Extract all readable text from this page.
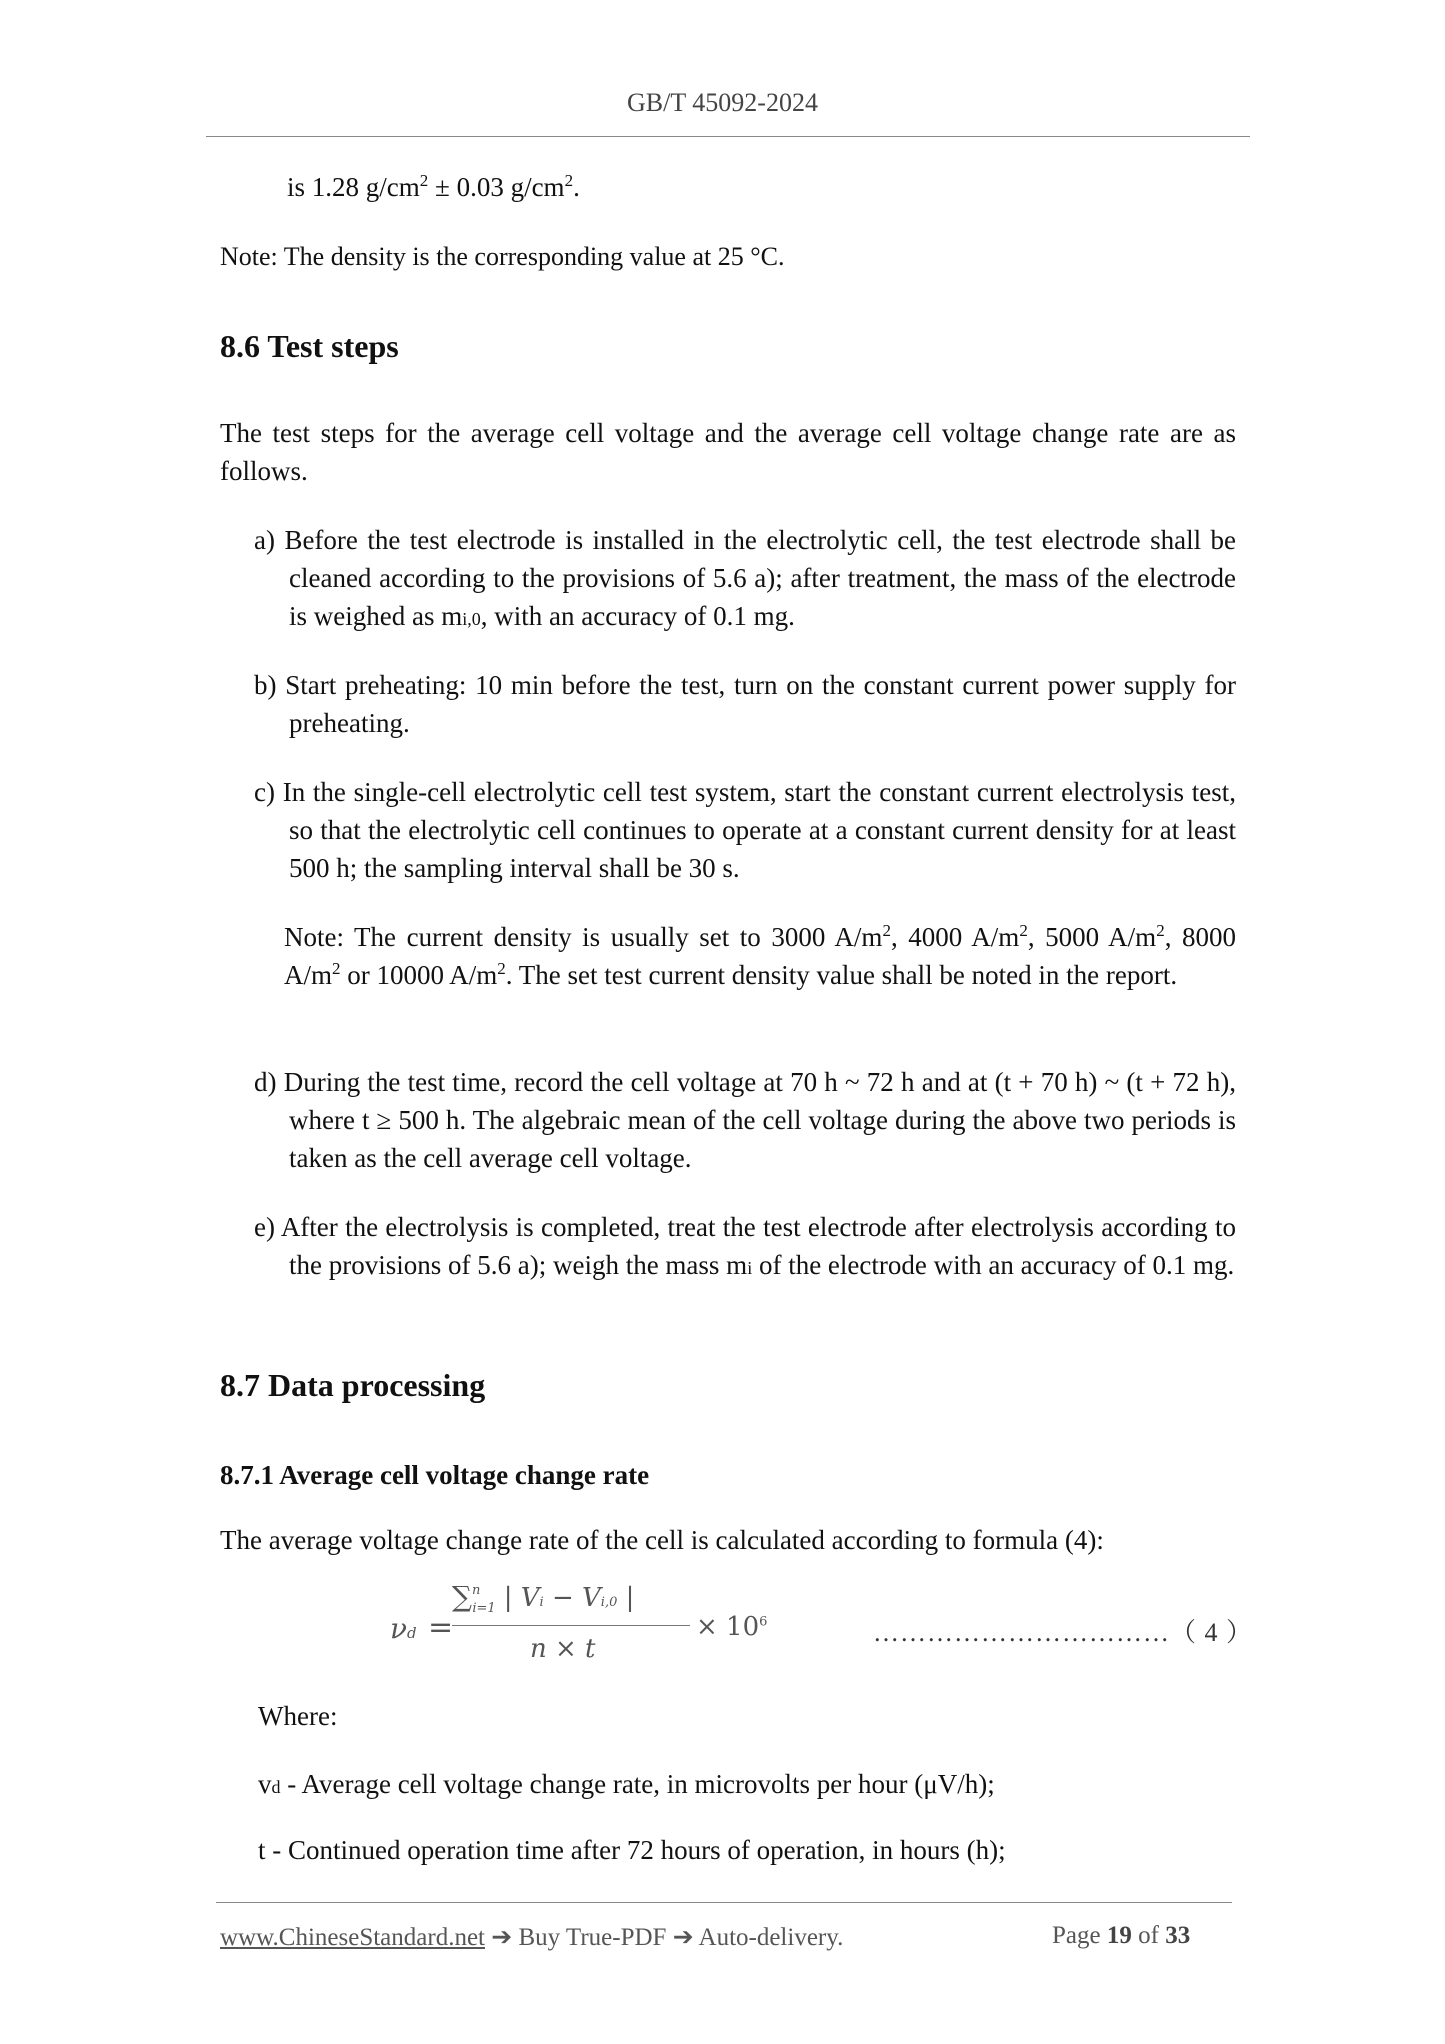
GB/T 45092-2024
is 1.28 $g/cm^2 \pm 0.03$ $g/cm^2$.
Note: The density is the corresponding value at 25 °C.
8.6 Test steps
The test steps for the average cell voltage and the average cell voltage change rate are as follows.
a) Before the test electrode is installed in the electrolytic cell, the test electrode shall be cleaned according to the provisions of 5.6 a); after treatment, the mass of the electrode is weighed as mi,0, with an accuracy of 0.1 mg.
b) Start preheating: 10 min before the test, turn on the constant current power supply for preheating.
c) In the single-cell electrolytic cell test system, start the constant current electrolysis test, so that the electrolytic cell continues to operate at a constant current density for at least 500 h; the sampling interval shall be 30 s.
Note: The current density is usually set to 3000 $A/m^2$, 4000 $A/m^2$, 5000 $A/m^2$, 8000 $A/m^2$ or 10000 $A/m^2$. The set test current density value shall be noted in the report.
d) During the test time, record the cell voltage at 70 h ~ 72 h and at (t + 70 h) ~ (t + 72 h), where t ≥ 500 h. The algebraic mean of the cell voltage during the above two periods is taken as the cell average cell voltage.
e) After the electrolysis is completed, treat the test electrode after electrolysis according to the provisions of 5.6 a); weigh the mass mi of the electrode with an accuracy of 0.1 mg.
8.7 Data processing
8.7.1 Average cell voltage change rate
The average voltage change rate of the cell is calculated according to formula (4):
νd =
∑$^n_{i=1}$ | Vi − Vi,0 |
n × t
× $10^6$	……………………………（ 4 ）
Where:
vd - Average cell voltage change rate, in microvolts per hour (μV/h);
t - Continued operation time after 72 hours of operation, in hours (h);
www.ChineseStandard.net ➔ Buy True-PDF ➔ Auto-delivery.	Page 19 of 33
